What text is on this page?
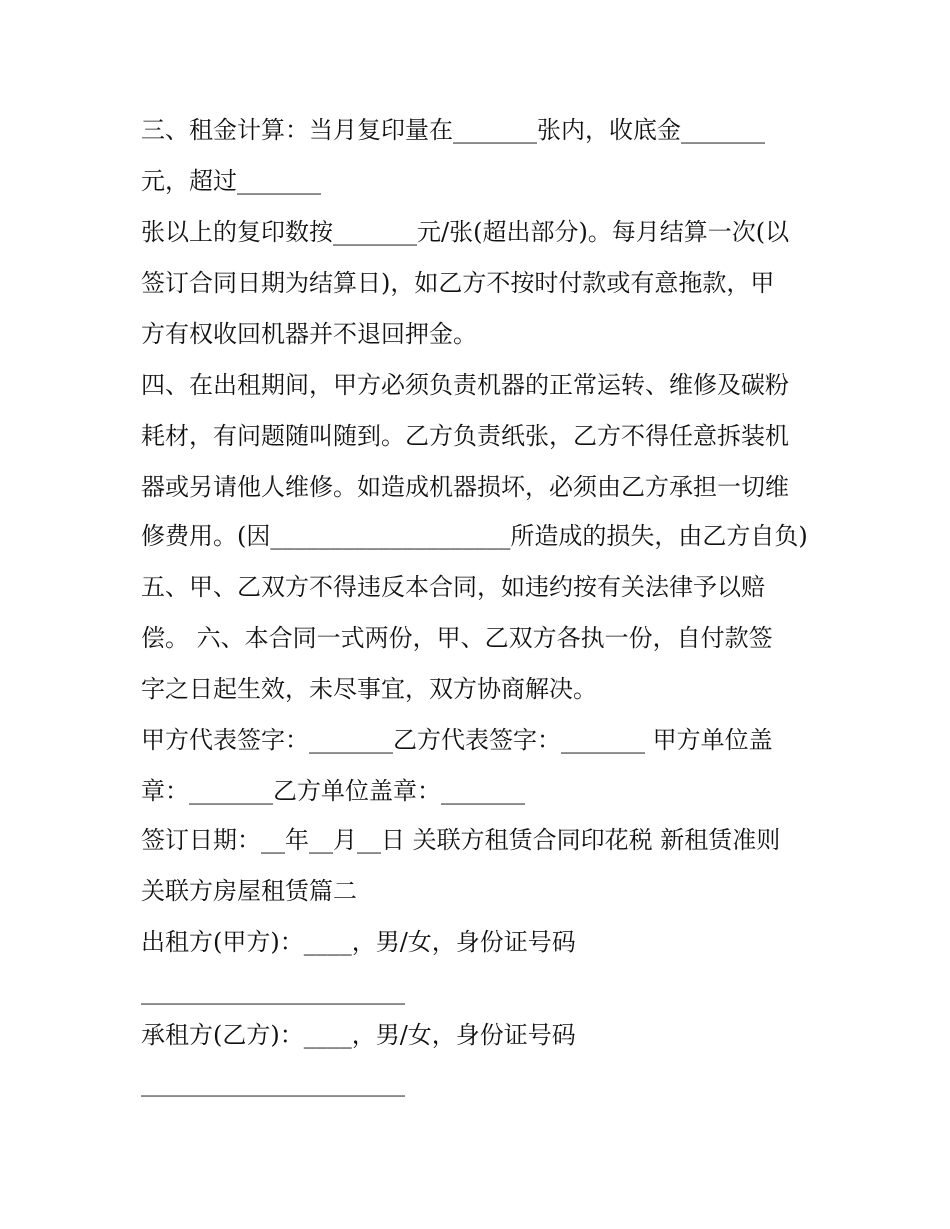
三、租金计算：当月复印量在_______张内，收底金_______

元，超过_______

张以上的复印数按_______元/张(超出部分)。每月结算一次(以

签订合同日期为结算日)，如乙方不按时付款或有意拖款，甲

方有权收回机器并不退回押金。

四、在出租期间，甲方必须负责机器的正常运转、维修及碳粉

耗材，有问题随叫随到。乙方负责纸张，乙方不得任意拆装机

器或另请他人维修。如造成机器损坏，必须由乙方承担一切维

修费用。(因____________________所造成的损失，由乙方自负)

五、甲、乙双方不得违反本合同，如违约按有关法律予以赔

偿。 六、本合同一式两份，甲、乙双方各执一份，自付款签

字之日起生效，未尽事宜，双方协商解决。

甲方代表签字：_______乙方代表签字：_______ 甲方单位盖

章：_______乙方单位盖章：_______

签订日期：__年__月__日 关联方租赁合同印花税 新租赁准则

关联方房屋租赁篇二

出租方(甲方)：____，男/女，身份证号码

______________________

承租方(乙方)：____，男/女，身份证号码

______________________
